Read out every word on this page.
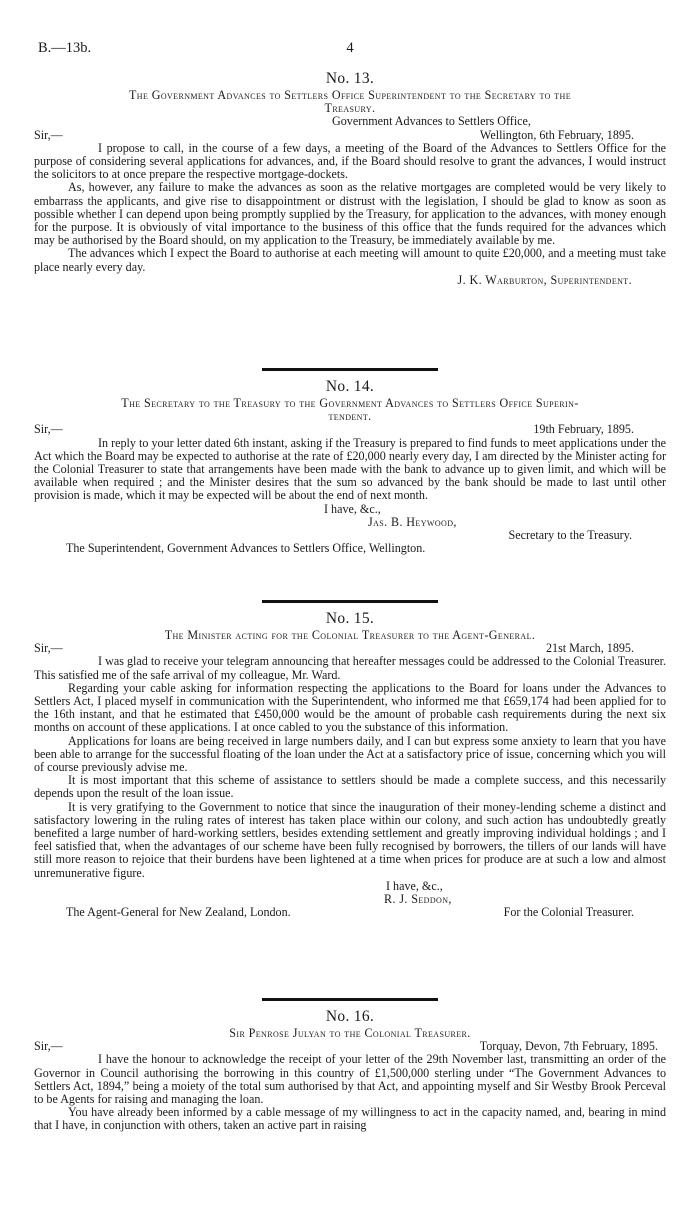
B.—13b.	4
No. 13.
The Government Advances to Settlers Office Superintendent to the Secretary to the
Treasury.
Government Advances to Settlers Office,
Sir,—	Wellington, 6th February, 1895.

I propose to call, in the course of a few days, a meeting of the Board of the Advances to Settlers Office for the purpose of considering several applications for advances, and, if the Board should resolve to grant the advances, I would instruct the solicitors to at once prepare the respective mortgage-dockets.

As, however, any failure to make the advances as soon as the relative mortgages are completed would be very likely to embarrass the applicants, and give rise to disappointment or distrust with the legislation, I should be glad to know as soon as possible whether I can depend upon being promptly supplied by the Treasury, for application to the advances, with money enough for the purpose. It is obviously of vital importance to the business of this office that the funds required for the advances which may be authorised by the Board should, on my application to the Treasury, be immediately available by me.

The advances which I expect the Board to authorise at each meeting will amount to quite £20,000, and a meeting must take place nearly every day.

J. K. Warburton, Superintendent.
No. 14.
The Secretary to the Treasury to the Government Advances to Settlers Office Superin-
tendent.
Sir,—	19th February, 1895.

In reply to your letter dated 6th instant, asking if the Treasury is prepared to find funds to meet applications under the Act which the Board may be expected to authorise at the rate of £20,000 nearly every day, I am directed by the Minister acting for the Colonial Treasurer to state that arrangements have been made with the bank to advance up to given limit, and which will be available when required ; and the Minister desires that the sum so advanced by the bank should be made to last until other provision is made, which it may be expected will be about the end of next month.

I have, &c.,
Jas. B. Heywood,
Secretary to the Treasury.
The Superintendent, Government Advances to Settlers Office, Wellington.
No. 15.
The Minister acting for the Colonial Treasurer to the Agent-General.
Sir,—	21st March, 1895.

I was glad to receive your telegram announcing that hereafter messages could be addressed to the Colonial Treasurer. This satisfied me of the safe arrival of my colleague, Mr. Ward.

Regarding your cable asking for information respecting the applications to the Board for loans under the Advances to Settlers Act, I placed myself in communication with the Superintendent, who informed me that £659,174 had been applied for to the 16th instant, and that he estimated that £450,000 would be the amount of probable cash requirements during the next six months on account of these applications. I at once cabled to you the substance of this information.

Applications for loans are being received in large numbers daily, and I can but express some anxiety to learn that you have been able to arrange for the successful floating of the loan under the Act at a satisfactory price of issue, concerning which you will of course previously advise me.

It is most important that this scheme of assistance to settlers should be made a complete success, and this necessarily depends upon the result of the loan issue.

It is very gratifying to the Government to notice that since the inauguration of their money-lending scheme a distinct and satisfactory lowering in the ruling rates of interest has taken place within our colony, and such action has undoubtedly greatly benefited a large number of hard-working settlers, besides extending settlement and greatly improving individual holdings ; and I feel satisfied that, when the advantages of our scheme have been fully recognised by borrowers, the tillers of our lands will have still more reason to rejoice that their burdens have been lightened at a time when prices for produce are at such a low and almost unremunerative figure.

I have, &c.,
R. J. Seddon,
The Agent-General for New Zealand, London.	For the Colonial Treasurer.
No. 16.
Sir Penrose Julyan to the Colonial Treasurer.
Sir,—	Torquay, Devon, 7th February, 1895.

I have the honour to acknowledge the receipt of your letter of the 29th November last, transmitting an order of the Governor in Council authorising the borrowing in this country of £1,500,000 sterling under “The Government Advances to Settlers Act, 1894,” being a moiety of the total sum authorised by that Act, and appointing myself and Sir Westby Brook Perceval to be Agents for raising and managing the loan.

You have already been informed by a cable message of my willingness to act in the capacity named, and, bearing in mind that I have, in conjunction with others, taken an active part in raising
